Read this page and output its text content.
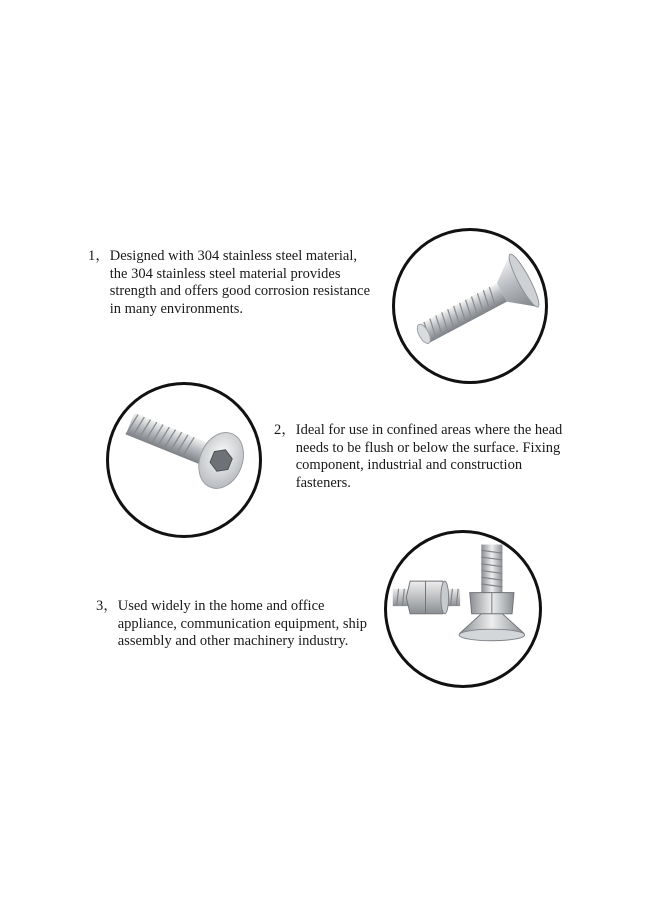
1， Designed with 304 stainless steel material, the 304 stainless steel material provides strength and offers good corrosion resistance in many environments.
2， Ideal for use in confined areas where the head needs to be flush or below the surface. Fixing component, industrial and construction fasteners.
3， Used widely in the home and office appliance, communication equipment, ship assembly and other machinery industry.
